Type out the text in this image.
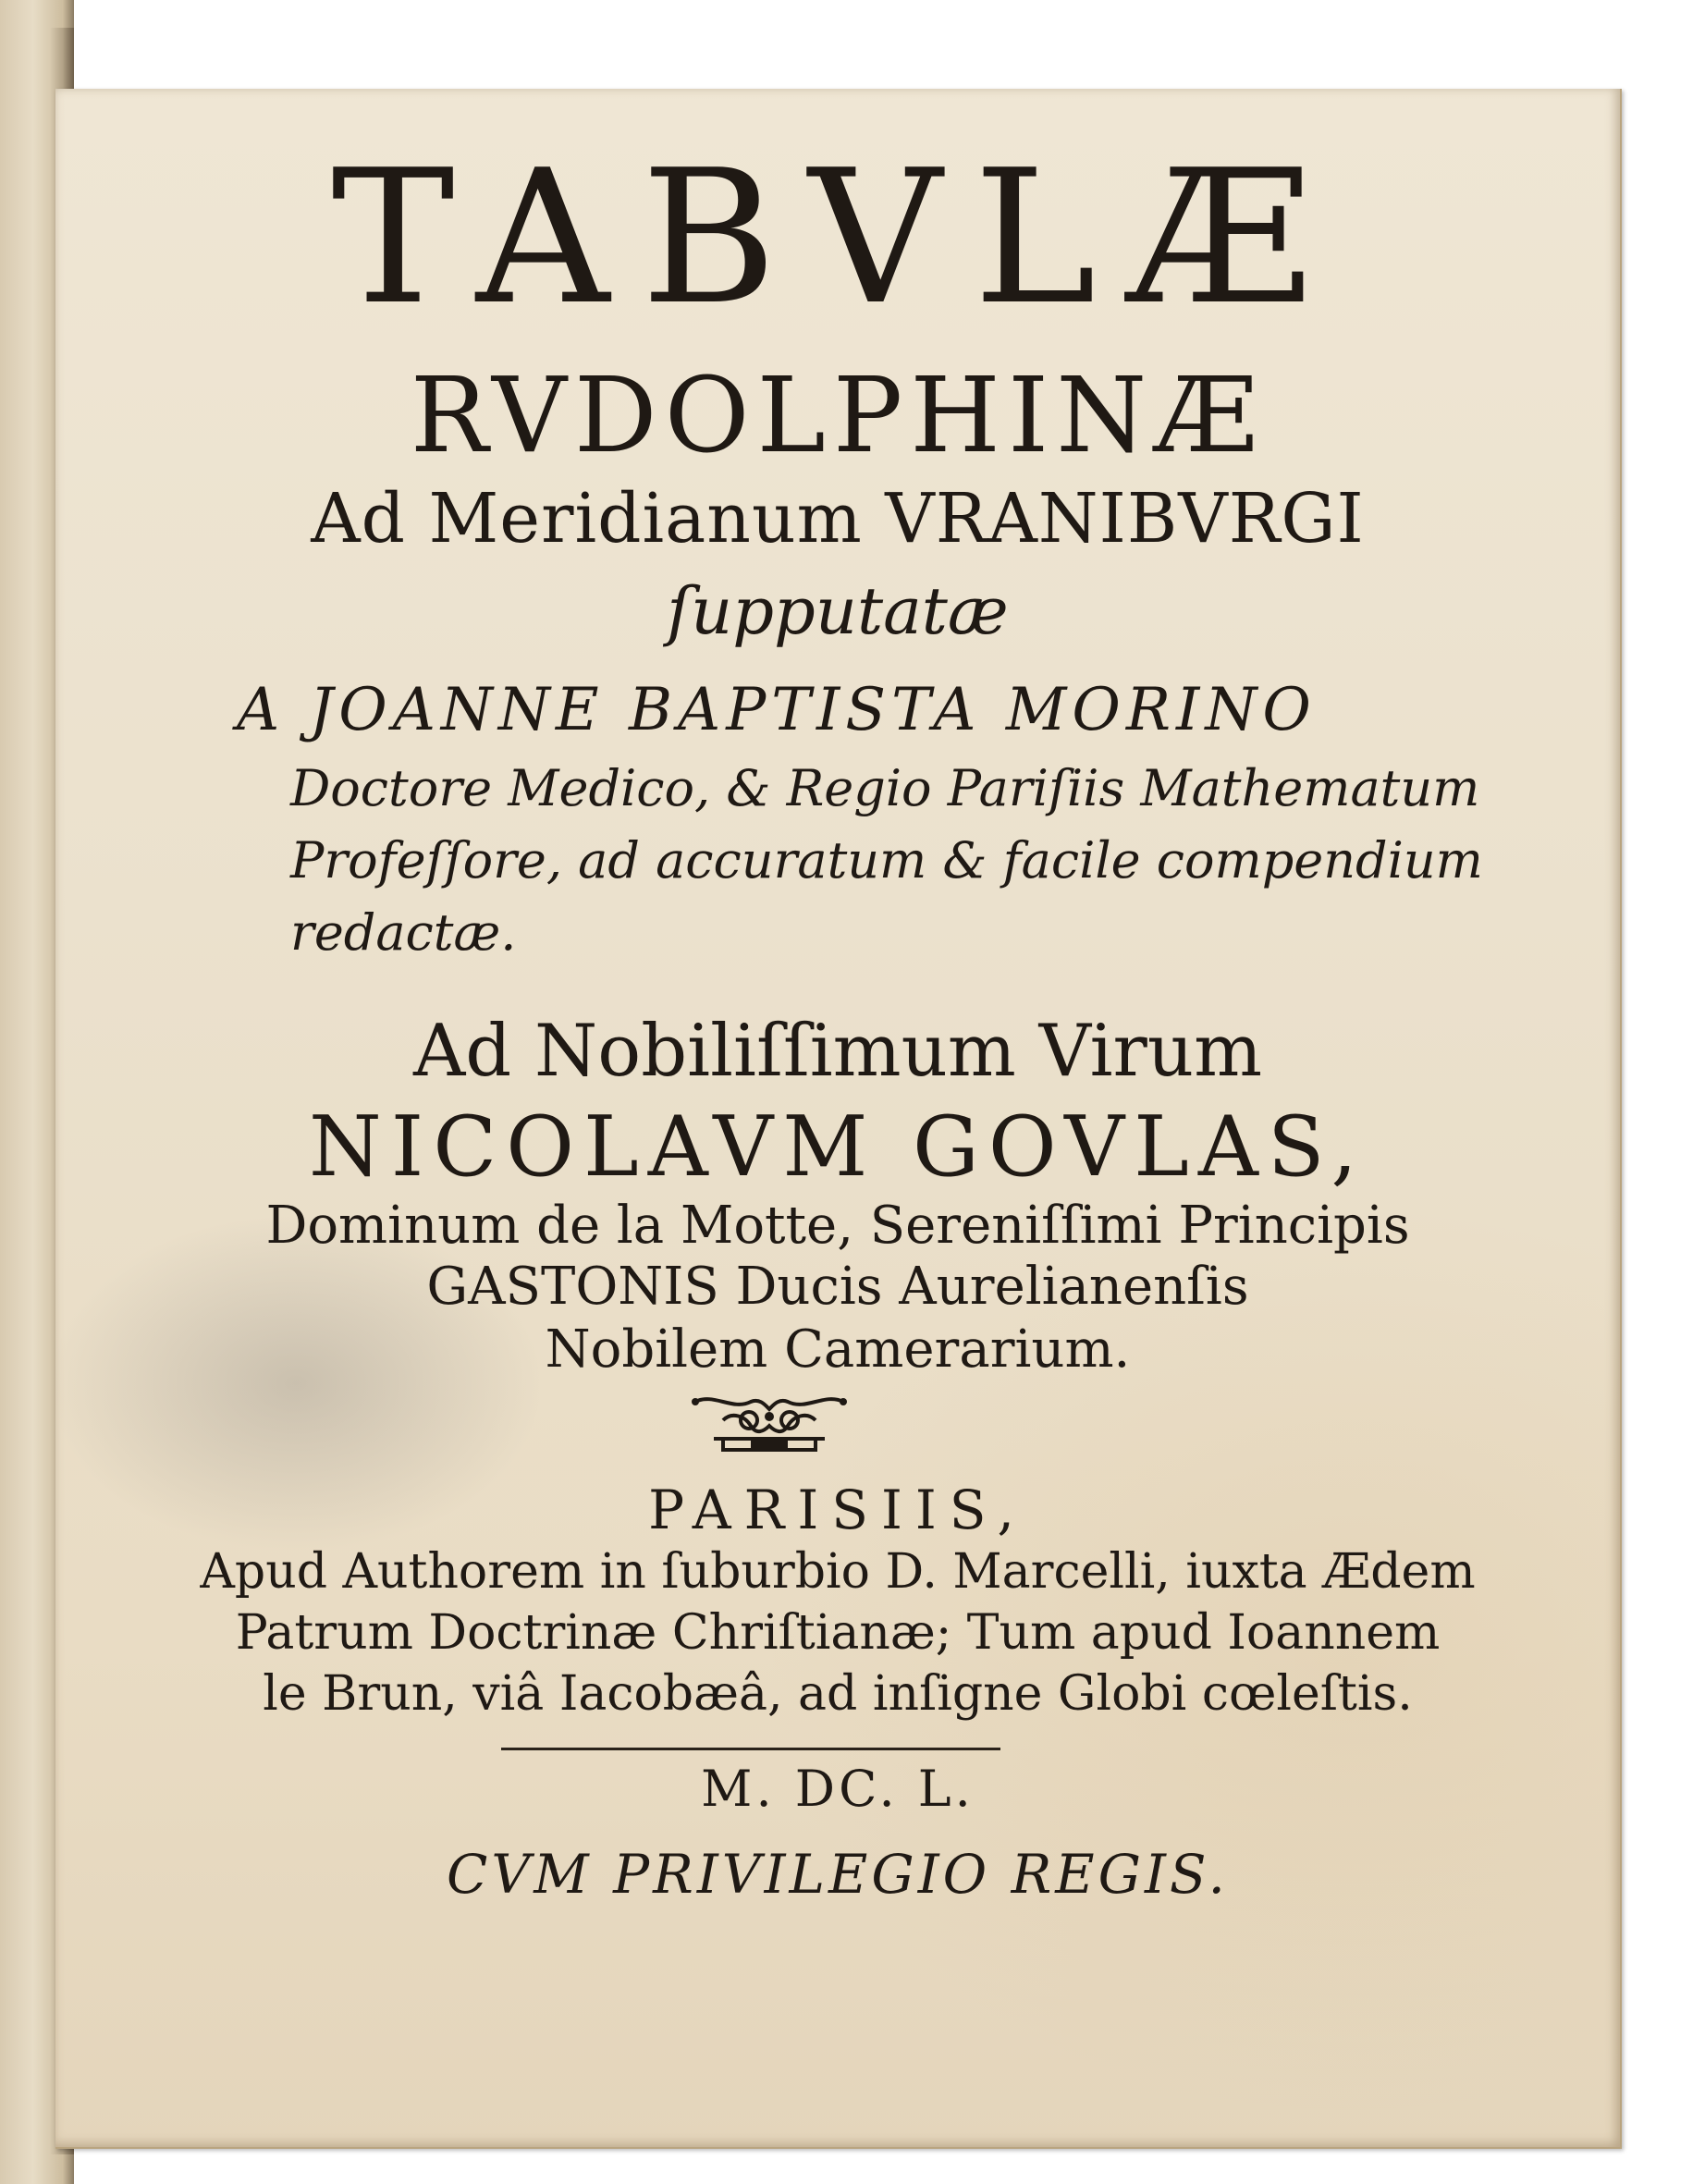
TABVLÆ
RVDOLPHINÆ
Ad Meridianum VRANIBVRGI
ſupputatæ
A JOANNE BAPTISTA MORINO
Doctore Medico, & Regio Pariſiis Mathematum
Profeſſore, ad accuratum & facile compendium
redactæ.
Ad Nobiliſſimum Virum
NICOLAVM GOVLAS,
Dominum de la Motte, Sereniſſimi Principis
GASTONIS Ducis Aurelianenſis
Nobilem Camerarium.
PARISIIS,
Apud Authorem in ſuburbio D. Marcelli, iuxta Ædem
Patrum Doctrinæ Chriſtianæ; Tum apud Ioannem
le Brun, viâ Iacobæâ, ad inſigne Globi cœleſtis.
M. DC. L.
CVM PRIVILEGIO REGIS.
